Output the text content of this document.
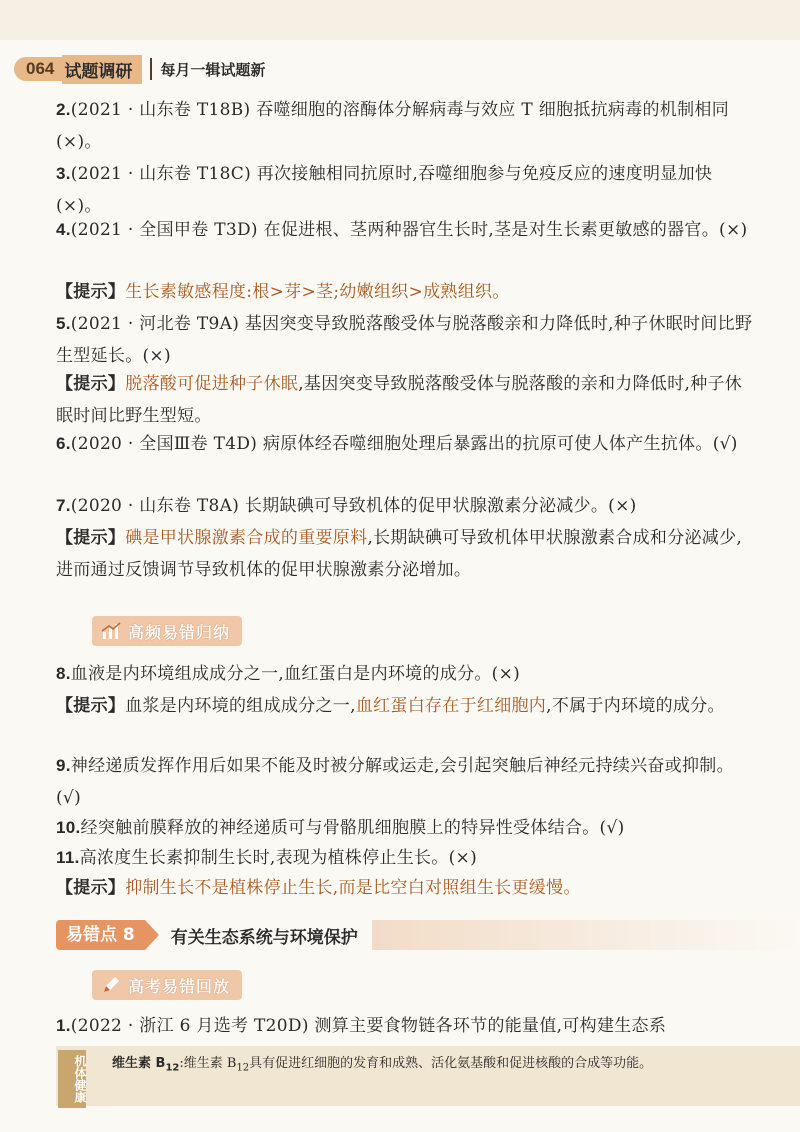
064 试题调研	每月一辑试题新
2.(2021 · 山东卷 T18B) 吞噬细胞的溶酶体分解病毒与效应 T 细胞抵抗病毒的机制相同(×)。
3.(2021 · 山东卷 T18C) 再次接触相同抗原时,吞噬细胞参与免疫反应的速度明显加快(×)。
4.(2021 · 全国甲卷 T3D) 在促进根、茎两种器官生长时,茎是对生长素更敏感的器官。(×)
【提示】生长素敏感程度:根>芽>茎;幼嫩组织>成熟组织。
5.(2021 · 河北卷 T9A) 基因突变导致脱落酸受体与脱落酸亲和力降低时,种子休眠时间比野生型延长。(×)
【提示】脱落酸可促进种子休眠,基因突变导致脱落酸受体与脱落酸的亲和力降低时,种子休眠时间比野生型短。
6.(2020 · 全国Ⅲ卷 T4D) 病原体经吞噬细胞处理后暴露出的抗原可使人体产生抗体。(√)
7.(2020 · 山东卷 T8A) 长期缺碘可导致机体的促甲状腺激素分泌减少。(×)
【提示】碘是甲状腺激素合成的重要原料,长期缺碘可导致机体甲状腺激素合成和分泌减少,进而通过反馈调节导致机体的促甲状腺激素分泌增加。
高频易错归纳
8.血液是内环境组成成分之一,血红蛋白是内环境的成分。(×)
【提示】血浆是内环境的组成成分之一,血红蛋白存在于红细胞内,不属于内环境的成分。
9.神经递质发挥作用后如果不能及时被分解或运走,会引起突触后神经元持续兴奋或抑制。(√)
10.经突触前膜释放的神经递质可与骨骼肌细胞膜上的特异性受体结合。(√)
11.高浓度生长素抑制生长时,表现为植株停止生长。(×)
【提示】抑制生长不是植株停止生长,而是比空白对照组生长更缓慢。
易错点 8	有关生态系统与环境保护
高考易错回放
1.(2022 · 浙江 6 月选考 T20D) 测算主要食物链各环节的能量值,可构建生态系
机体健康 维生素 $B_{12}$:维生素 $B_{12}$具有促进红细胞的发育和成熟、活化氨基酸和促进核酸的合成等功能。
